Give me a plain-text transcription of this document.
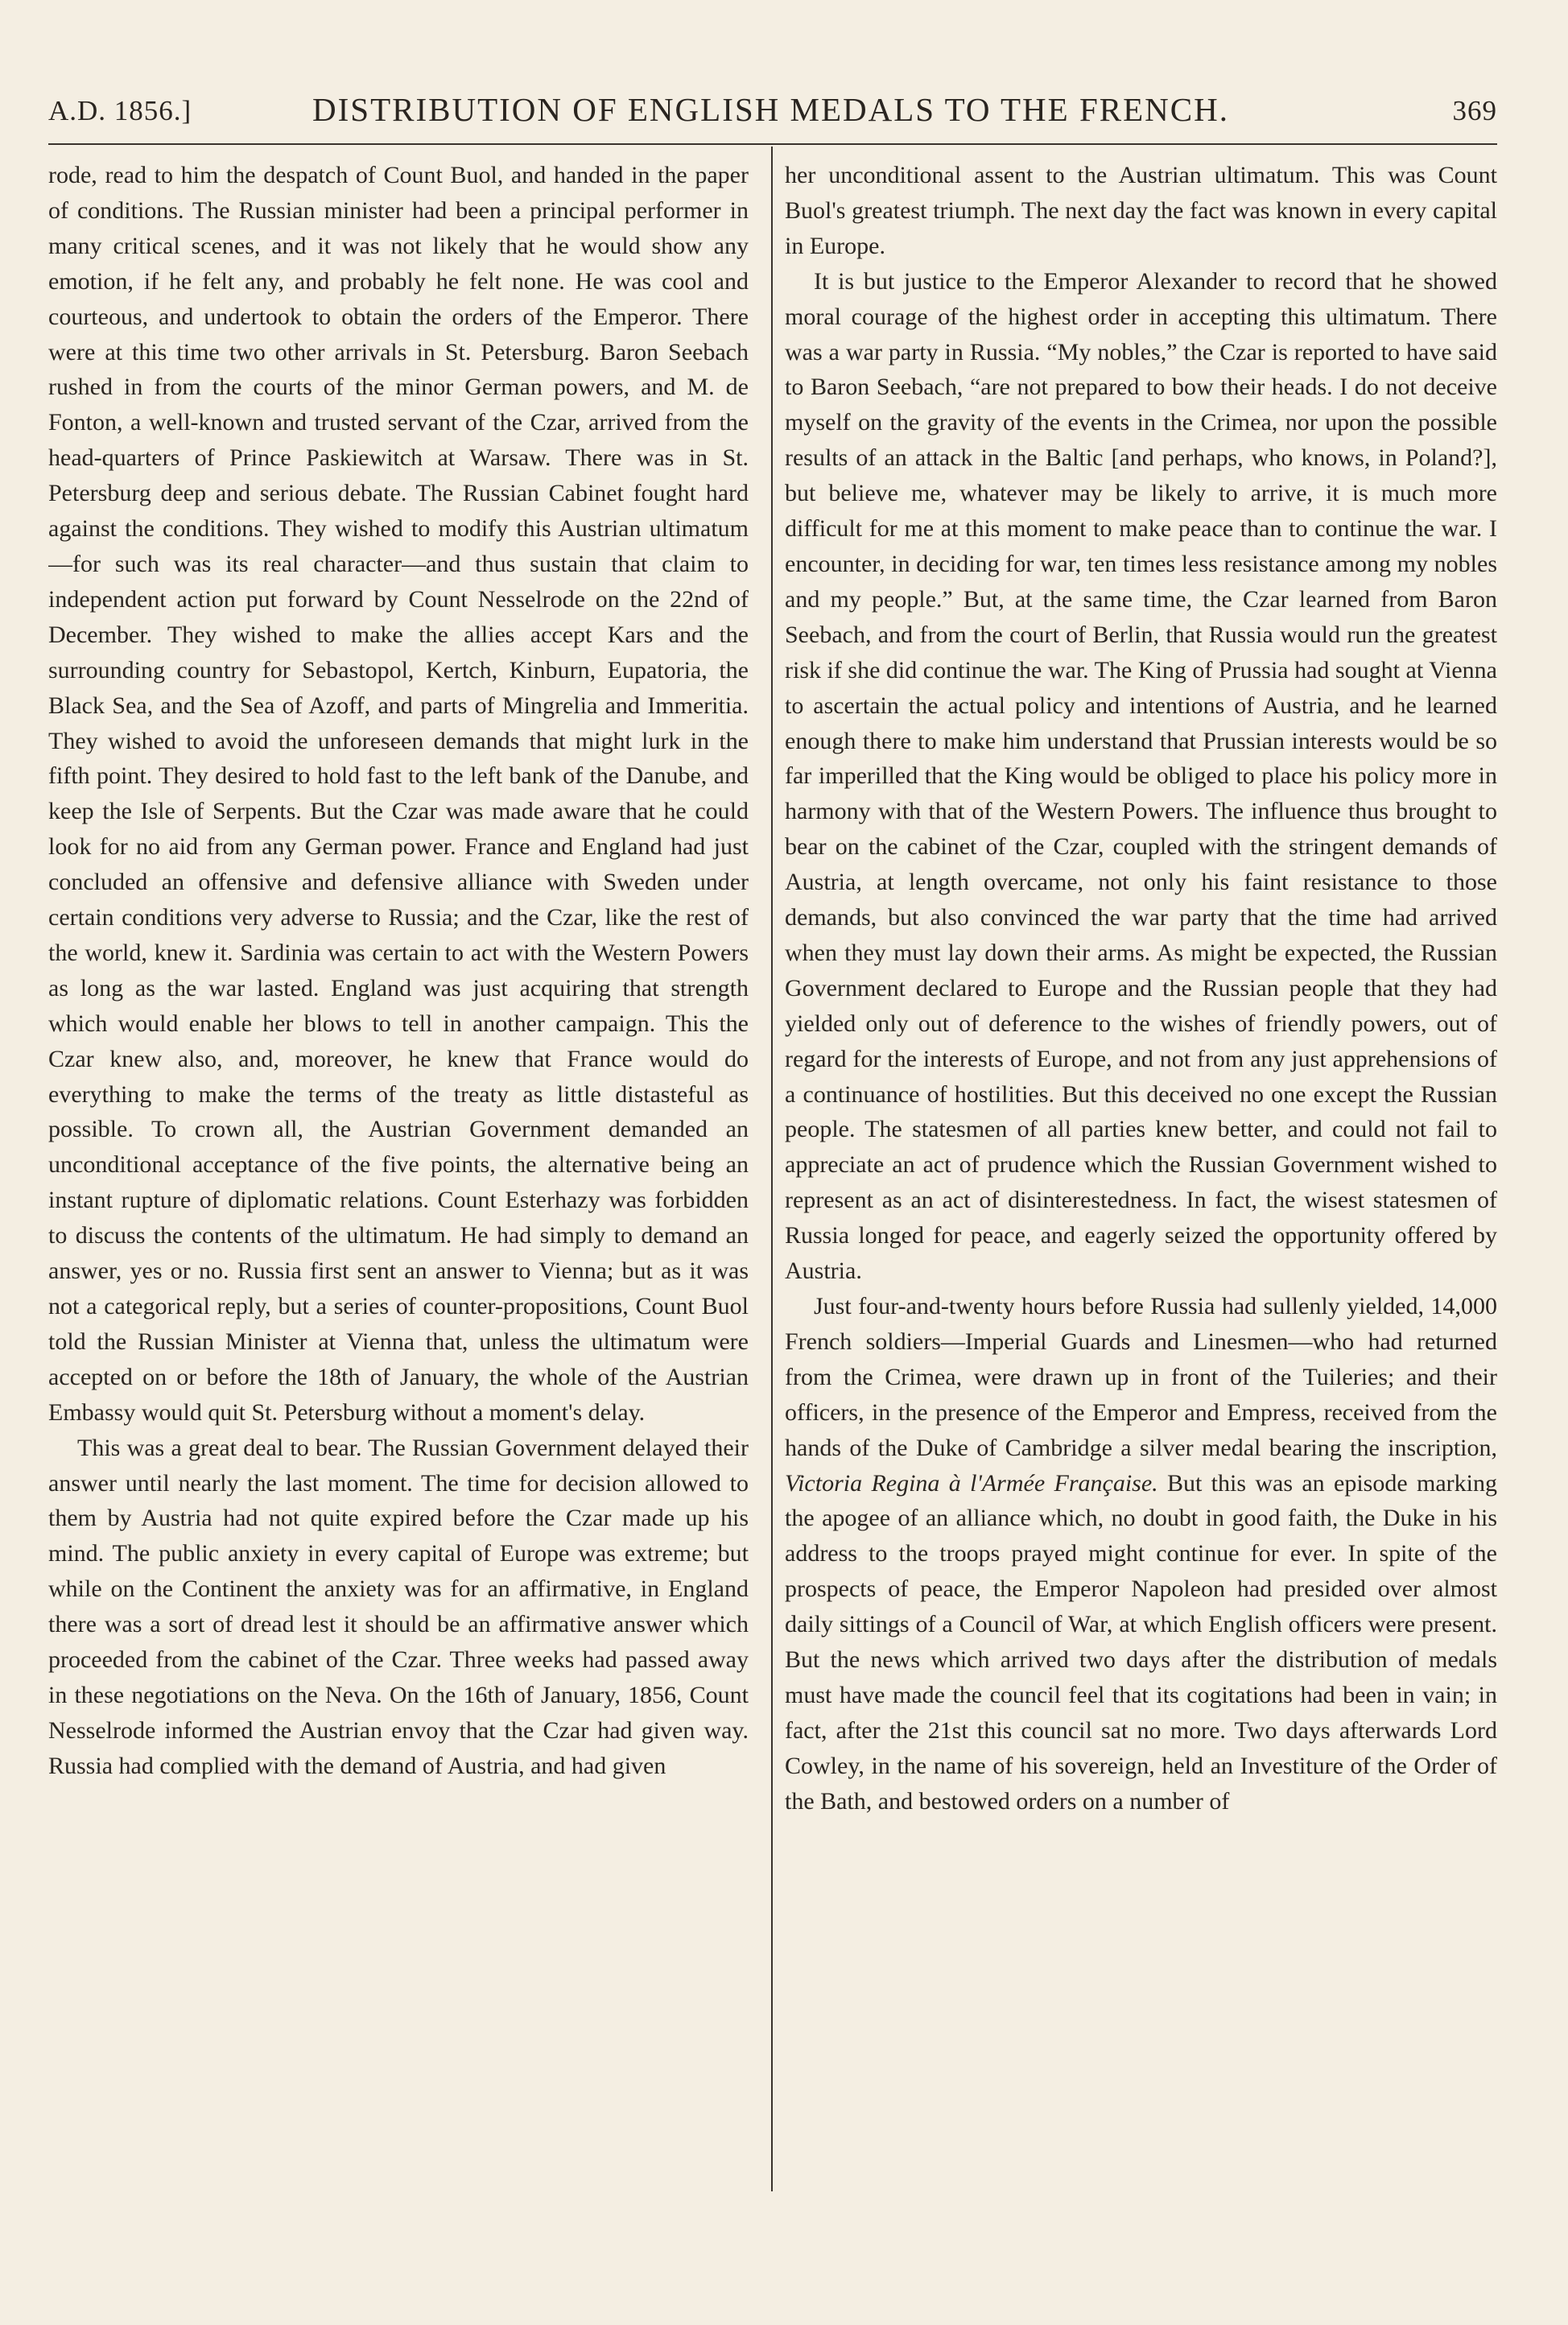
A.D. 1856.]	DISTRIBUTION OF ENGLISH MEDALS TO THE FRENCH.	369

rode, read to him the despatch of Count Buol, and handed in the paper of conditions. The Russian minister had been a principal performer in many critical scenes, and it was not likely that he would show any emotion, if he felt any, and probably he felt none. He was cool and courteous, and undertook to obtain the orders of the Emperor. There were at this time two other arrivals in St. Petersburg. Baron Seebach rushed in from the courts of the minor German powers, and M. de Fonton, a well-known and trusted servant of the Czar, arrived from the head-quarters of Prince Paskiewitch at Warsaw. There was in St. Petersburg deep and serious debate. The Russian Cabinet fought hard against the conditions. They wished to modify this Austrian ultimatum—for such was its real character—and thus sustain that claim to independent action put forward by Count Nesselrode on the 22nd of December. They wished to make the allies accept Kars and the surrounding country for Sebastopol, Kertch, Kinburn, Eupatoria, the Black Sea, and the Sea of Azoff, and parts of Mingrelia and Immeritia. They wished to avoid the unforeseen demands that might lurk in the fifth point. They desired to hold fast to the left bank of the Danube, and keep the Isle of Serpents. But the Czar was made aware that he could look for no aid from any German power. France and England had just concluded an offensive and defensive alliance with Sweden under certain conditions very adverse to Russia; and the Czar, like the rest of the world, knew it. Sardinia was certain to act with the Western Powers as long as the war lasted. England was just acquiring that strength which would enable her blows to tell in another campaign. This the Czar knew also, and, moreover, he knew that France would do everything to make the terms of the treaty as little distasteful as possible. To crown all, the Austrian Government demanded an unconditional acceptance of the five points, the alternative being an instant rupture of diplomatic relations. Count Esterhazy was forbidden to discuss the contents of the ultimatum. He had simply to demand an answer, yes or no. Russia first sent an answer to Vienna; but as it was not a categorical reply, but a series of counter-propositions, Count Buol told the Russian Minister at Vienna that, unless the ultimatum were accepted on or before the 18th of January, the whole of the Austrian Embassy would quit St. Petersburg without a moment's delay.

This was a great deal to bear. The Russian Government delayed their answer until nearly the last moment. The time for decision allowed to them by Austria had not quite expired before the Czar made up his mind. The public anxiety in every capital of Europe was extreme; but while on the Continent the anxiety was for an affirmative, in England there was a sort of dread lest it should be an affirmative answer which proceeded from the cabinet of the Czar. Three weeks had passed away in these negotiations on the Neva. On the 16th of January, 1856, Count Nesselrode informed the Austrian envoy that the Czar had given way. Russia had complied with the demand of Austria, and had given

her unconditional assent to the Austrian ultimatum. This was Count Buol's greatest triumph. The next day the fact was known in every capital in Europe.

It is but justice to the Emperor Alexander to record that he showed moral courage of the highest order in accepting this ultimatum. There was a war party in Russia. “My nobles,” the Czar is reported to have said to Baron Seebach, “are not prepared to bow their heads. I do not deceive myself on the gravity of the events in the Crimea, nor upon the possible results of an attack in the Baltic [and perhaps, who knows, in Poland?], but believe me, whatever may be likely to arrive, it is much more difficult for me at this moment to make peace than to continue the war. I encounter, in deciding for war, ten times less resistance among my nobles and my people.” But, at the same time, the Czar learned from Baron Seebach, and from the court of Berlin, that Russia would run the greatest risk if she did continue the war. The King of Prussia had sought at Vienna to ascertain the actual policy and intentions of Austria, and he learned enough there to make him understand that Prussian interests would be so far imperilled that the King would be obliged to place his policy more in harmony with that of the Western Powers. The influence thus brought to bear on the cabinet of the Czar, coupled with the stringent demands of Austria, at length overcame, not only his faint resistance to those demands, but also convinced the war party that the time had arrived when they must lay down their arms. As might be expected, the Russian Government declared to Europe and the Russian people that they had yielded only out of deference to the wishes of friendly powers, out of regard for the interests of Europe, and not from any just apprehensions of a continuance of hostilities. But this deceived no one except the Russian people. The statesmen of all parties knew better, and could not fail to appreciate an act of prudence which the Russian Government wished to represent as an act of disinterestedness. In fact, the wisest statesmen of Russia longed for peace, and eagerly seized the opportunity offered by Austria.

Just four-and-twenty hours before Russia had sullenly yielded, 14,000 French soldiers—Imperial Guards and Linesmen—who had returned from the Crimea, were drawn up in front of the Tuileries; and their officers, in the presence of the Emperor and Empress, received from the hands of the Duke of Cambridge a silver medal bearing the inscription, Victoria Regina à l'Armée Française. But this was an episode marking the apogee of an alliance which, no doubt in good faith, the Duke in his address to the troops prayed might continue for ever. In spite of the prospects of peace, the Emperor Napoleon had presided over almost daily sittings of a Council of War, at which English officers were present. But the news which arrived two days after the distribution of medals must have made the council feel that its cogitations had been in vain; in fact, after the 21st this council sat no more. Two days afterwards Lord Cowley, in the name of his sovereign, held an Investiture of the Order of the Bath, and bestowed orders on a number of
